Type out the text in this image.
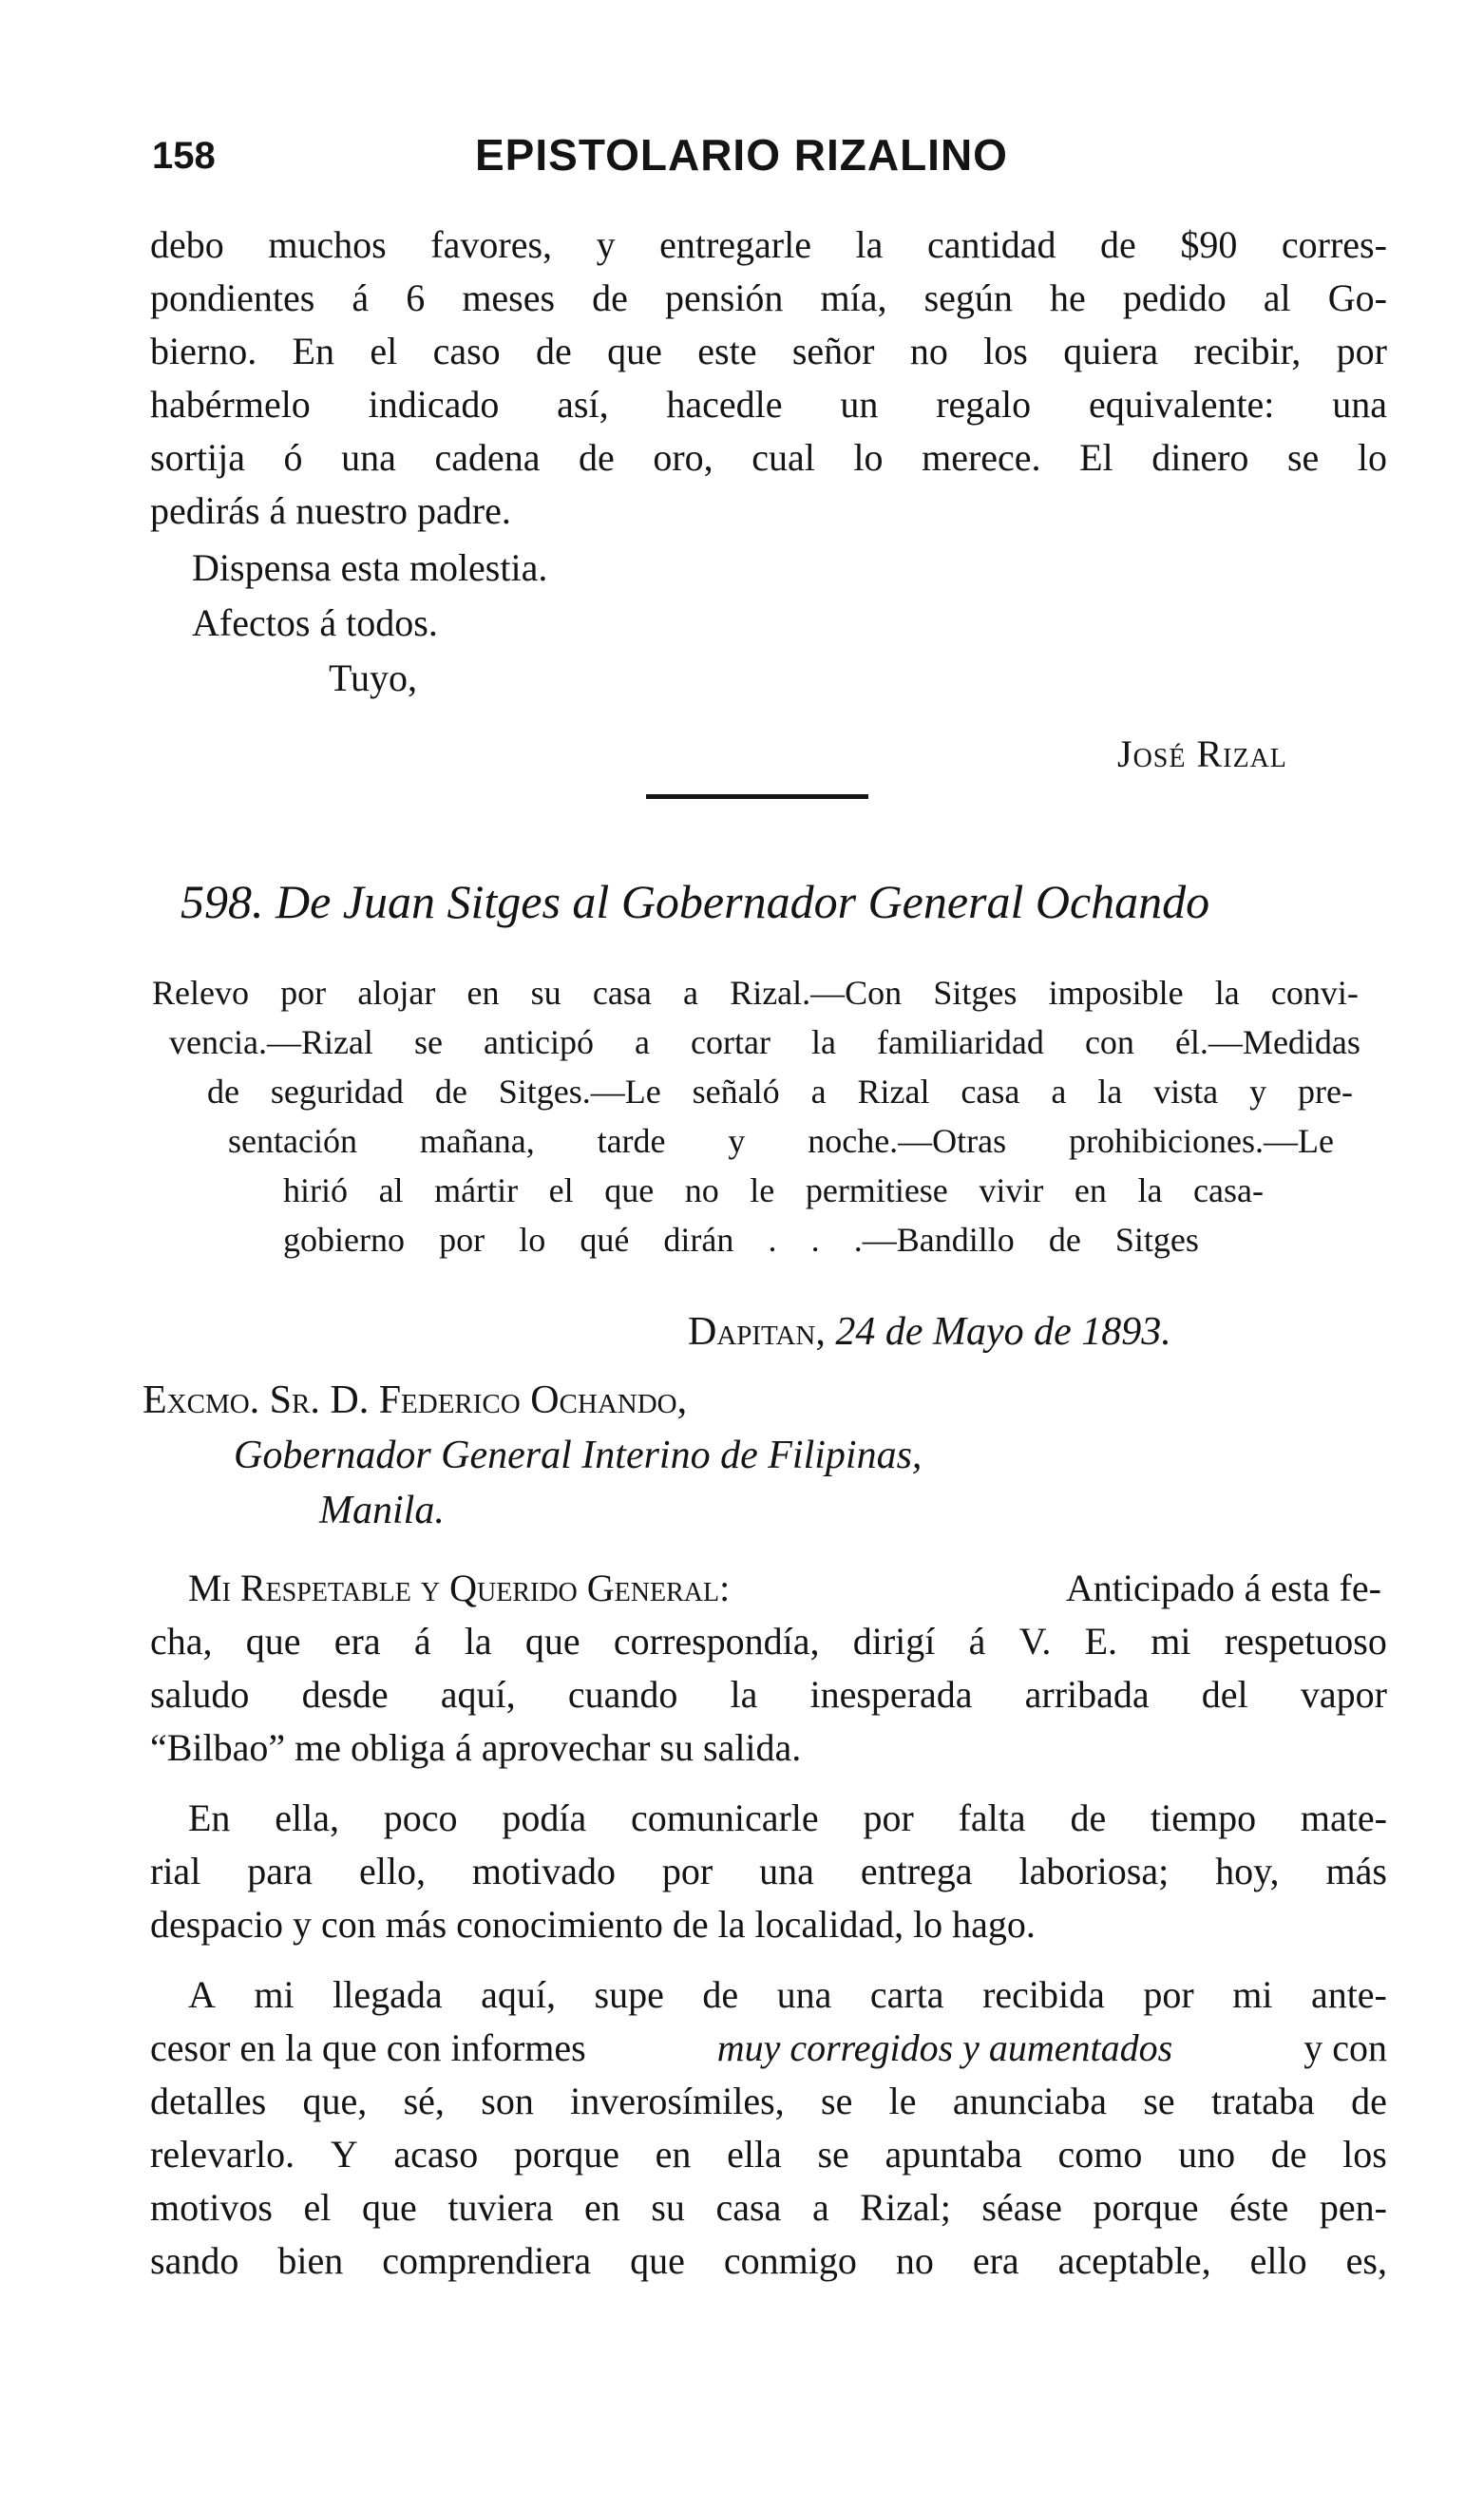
158	EPISTOLARIO RIZALINO
debo muchos favores, y entregarle la cantidad de $90 corres-
pondientes á 6 meses de pensión mía, según he pedido al Go-
bierno. En el caso de que este señor no los quiera recibir, por
habérmelo indicado así, hacedle un regalo equivalente: una
sortija ó una cadena de oro, cual lo merece. El dinero se lo
pedirás á nuestro padre.
Dispensa esta molestia.
Afectos á todos.
Tuyo,
José Rizal
598. De Juan Sitges al Gobernador General Ochando
Relevo por alojar en su casa a Rizal.—Con Sitges imposible la convi-
vencia.—Rizal se anticipó a cortar la familiaridad con él.—Medidas
de seguridad de Sitges.—Le señaló a Rizal casa a la vista y pre-
sentación mañana, tarde y noche.—Otras prohibiciones.—Le
hirió al mártir el que no le permitiese vivir en la casa-
gobierno por lo qué dirán . . .—Bandillo de Sitges
Dapitan, 24 de Mayo de 1893.
Excmo. Sr. D. Federico Ochando,
Gobernador General Interino de Filipinas,
Manila.
Mi Respetable y Querido General:	Anticipado á esta fe-
cha, que era á la que correspondía, dirigí á V. E. mi respetuoso
saludo desde aquí, cuando la inesperada arribada del vapor
“Bilbao” me obliga á aprovechar su salida.
En ella, poco podía comunicarle por falta de tiempo mate-
rial para ello, motivado por una entrega laboriosa; hoy, más
despacio y con más conocimiento de la localidad, lo hago.
A mi llegada aquí, supe de una carta recibida por mi ante-
cesor en la que con informes	muy corregidos y aumentados	y con
detalles que, sé, son inverosímiles, se le anunciaba se trataba de
relevarlo. Y acaso porque en ella se apuntaba como uno de los
motivos el que tuviera en su casa a Rizal; séase porque éste pen-
sando bien comprendiera que conmigo no era aceptable, ello es,
